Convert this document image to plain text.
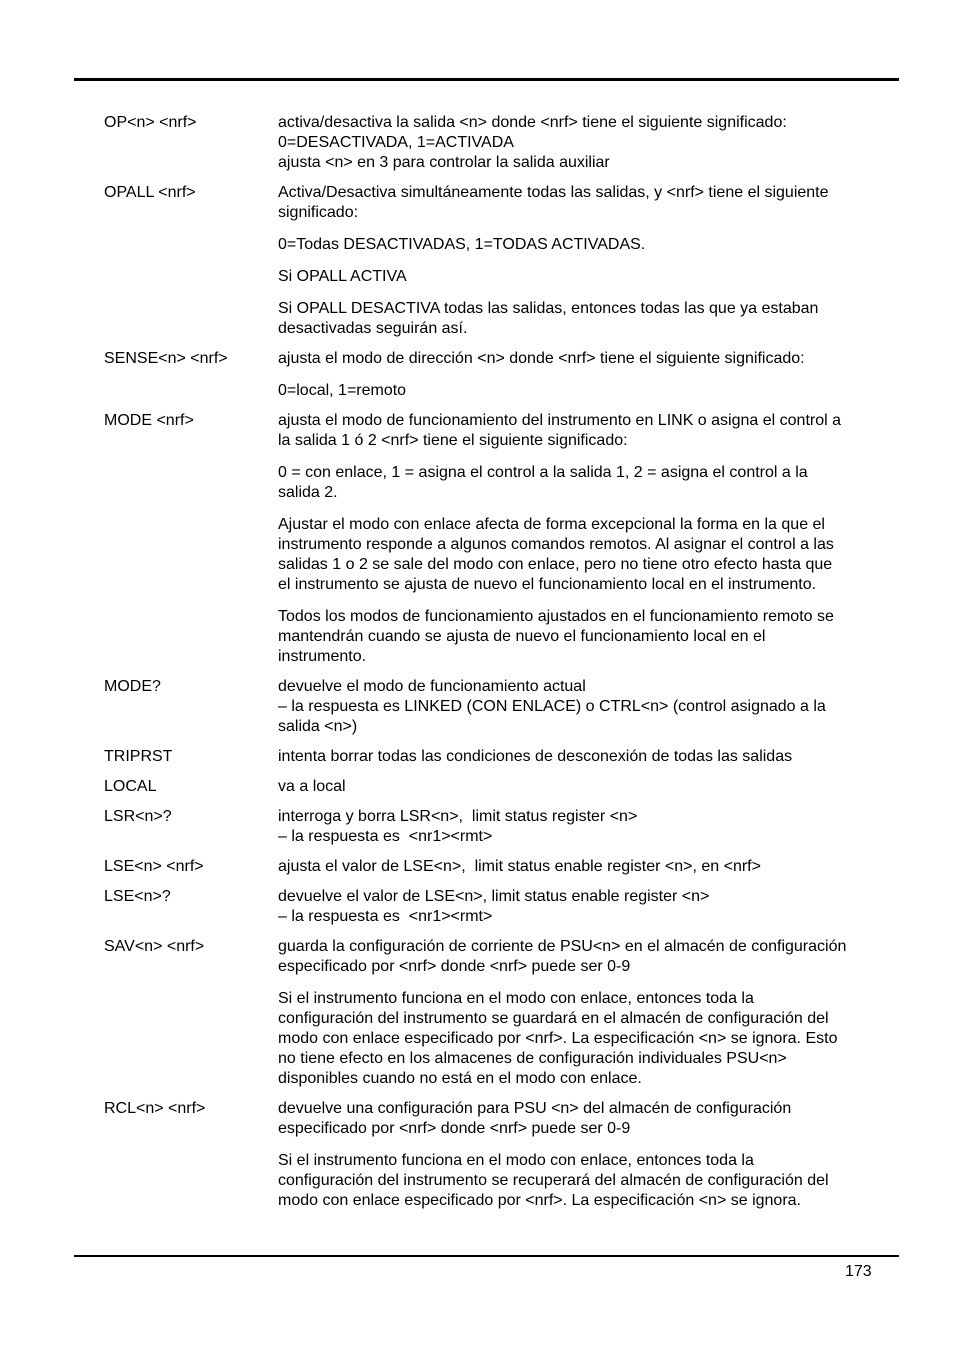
OP<n> <nrf>	activa/desactiva la salida <n> donde <nrf> tiene el siguiente significado:
0=DESACTIVADA, 1=ACTIVADA
ajusta <n> en 3 para controlar la salida auxiliar
OPALL <nrf>	Activa/Desactiva simultáneamente todas las salidas, y <nrf> tiene el siguiente
significado:
0=Todas DESACTIVADAS, 1=TODAS ACTIVADAS.
Si OPALL ACTIVA
Si OPALL DESACTIVA todas las salidas, entonces todas las que ya estaban
desactivadas seguirán así.
SENSE<n> <nrf>	ajusta el modo de dirección <n> donde <nrf> tiene el siguiente significado:
0=local, 1=remoto
MODE <nrf>	ajusta el modo de funcionamiento del instrumento en LINK o asigna el control a
la salida 1 ó 2 <nrf> tiene el siguiente significado:
0 = con enlace, 1 = asigna el control a la salida 1, 2 = asigna el control a la
salida 2.
Ajustar el modo con enlace afecta de forma excepcional la forma en la que el
instrumento responde a algunos comandos remotos. Al asignar el control a las
salidas 1 o 2 se sale del modo con enlace, pero no tiene otro efecto hasta que
el instrumento se ajusta de nuevo el funcionamiento local en el instrumento.
Todos los modos de funcionamiento ajustados en el funcionamiento remoto se
mantendrán cuando se ajusta de nuevo el funcionamiento local en el
instrumento.
MODE?	devuelve el modo de funcionamiento actual
– la respuesta es LINKED (CON ENLACE) o CTRL<n> (control asignado a la
salida <n>)
TRIPRST	intenta borrar todas las condiciones de desconexión de todas las salidas
LOCAL	va a local
LSR<n>?	interroga y borra LSR<n>,  limit status register <n>
– la respuesta es  <nr1><rmt>
LSE<n> <nrf>	ajusta el valor de LSE<n>,  limit status enable register <n>, en <nrf>
LSE<n>?	devuelve el valor de LSE<n>, limit status enable register <n>
– la respuesta es  <nr1><rmt>
SAV<n> <nrf>	guarda la configuración de corriente de PSU<n> en el almacén de configuración
especificado por <nrf> donde <nrf> puede ser 0-9
Si el instrumento funciona en el modo con enlace, entonces toda la
configuración del instrumento se guardará en el almacén de configuración del
modo con enlace especificado por <nrf>. La especificación <n> se ignora. Esto
no tiene efecto en los almacenes de configuración individuales PSU<n>
disponibles cuando no está en el modo con enlace.
RCL<n> <nrf>	devuelve una configuración para PSU <n> del almacén de configuración
especificado por <nrf> donde <nrf> puede ser 0-9
Si el instrumento funciona en el modo con enlace, entonces toda la
configuración del instrumento se recuperará del almacén de configuración del
modo con enlace especificado por <nrf>. La especificación <n> se ignora.
173
